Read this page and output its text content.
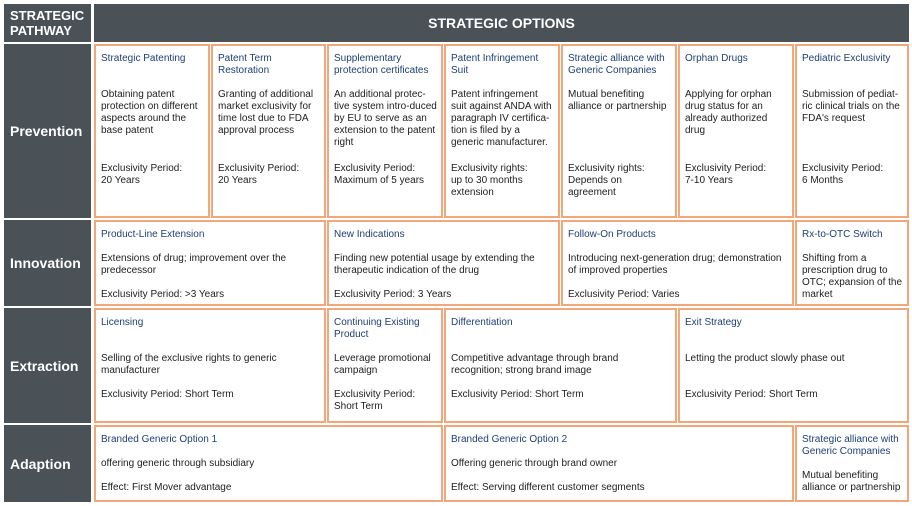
STRATEGIC
PATHWAY	STRATEGIC OPTIONS
Prevention
Innovation
Extraction
Adaption
Strategic Patenting
Obtaining patent protection on different aspects around the base patent
Exclusivity Period:
20 Years
Patent Term Restoration
Granting of additional market exclusivity for time lost due to FDA approval process
Exclusivity Period:
20 Years
Supplementary protection certificates
An additional protec-tive system intro-duced by EU to serve as an extension to the patent right
Exclusivity Period:
Maximum of 5 years
Patent Infringement Suit
Patent infringement suit against ANDA with paragraph IV certifica-tion is filed by a generic manufacturer.
Exclusivity rights:
up to 30 months extension
Strategic alliance with Generic Companies
Mutual benefiting alliance or partnership
Exclusivity rights:
Depends on agreement
Orphan Drugs
Applying for orphan drug status for an already authorized drug
Exclusivity Period:
7-10 Years
Pediatric Exclusivity
Submission of pediat-ric clinical trials on the FDA's request
Exclusivity Period:
6 Months
Product-Line Extension
Extensions of drug; improvement over the predecessor
Exclusivity Period: >3 Years
New Indications
Finding new potential usage by extending the therapeutic indication of the drug
Exclusivity Period: 3 Years
Follow-On Products
Introducing next-generation drug; demonstration of improved properties
Exclusivity Period: Varies
Rx-to-OTC Switch
Shifting from a prescription drug to OTC; expansion of the market
Licensing
Selling of the exclusive rights to generic manufacturer
Exclusivity Period: Short Term
Continuing Existing Product
Leverage promotional campaign
Exclusivity Period:
Short Term
Differentiation
Competitive advantage through brand recognition; strong brand image
Exclusivity Period: Short Term
Exit Strategy
Letting the product slowly phase out
Exclusivity Period: Short Term
Branded Generic Option 1
offering generic through subsidiary
Effect: First Mover advantage
Branded Generic Option 2
Offering generic through brand owner
Effect: Serving different customer segments
Strategic alliance with Generic Companies
Mutual benefiting alliance or partnership
